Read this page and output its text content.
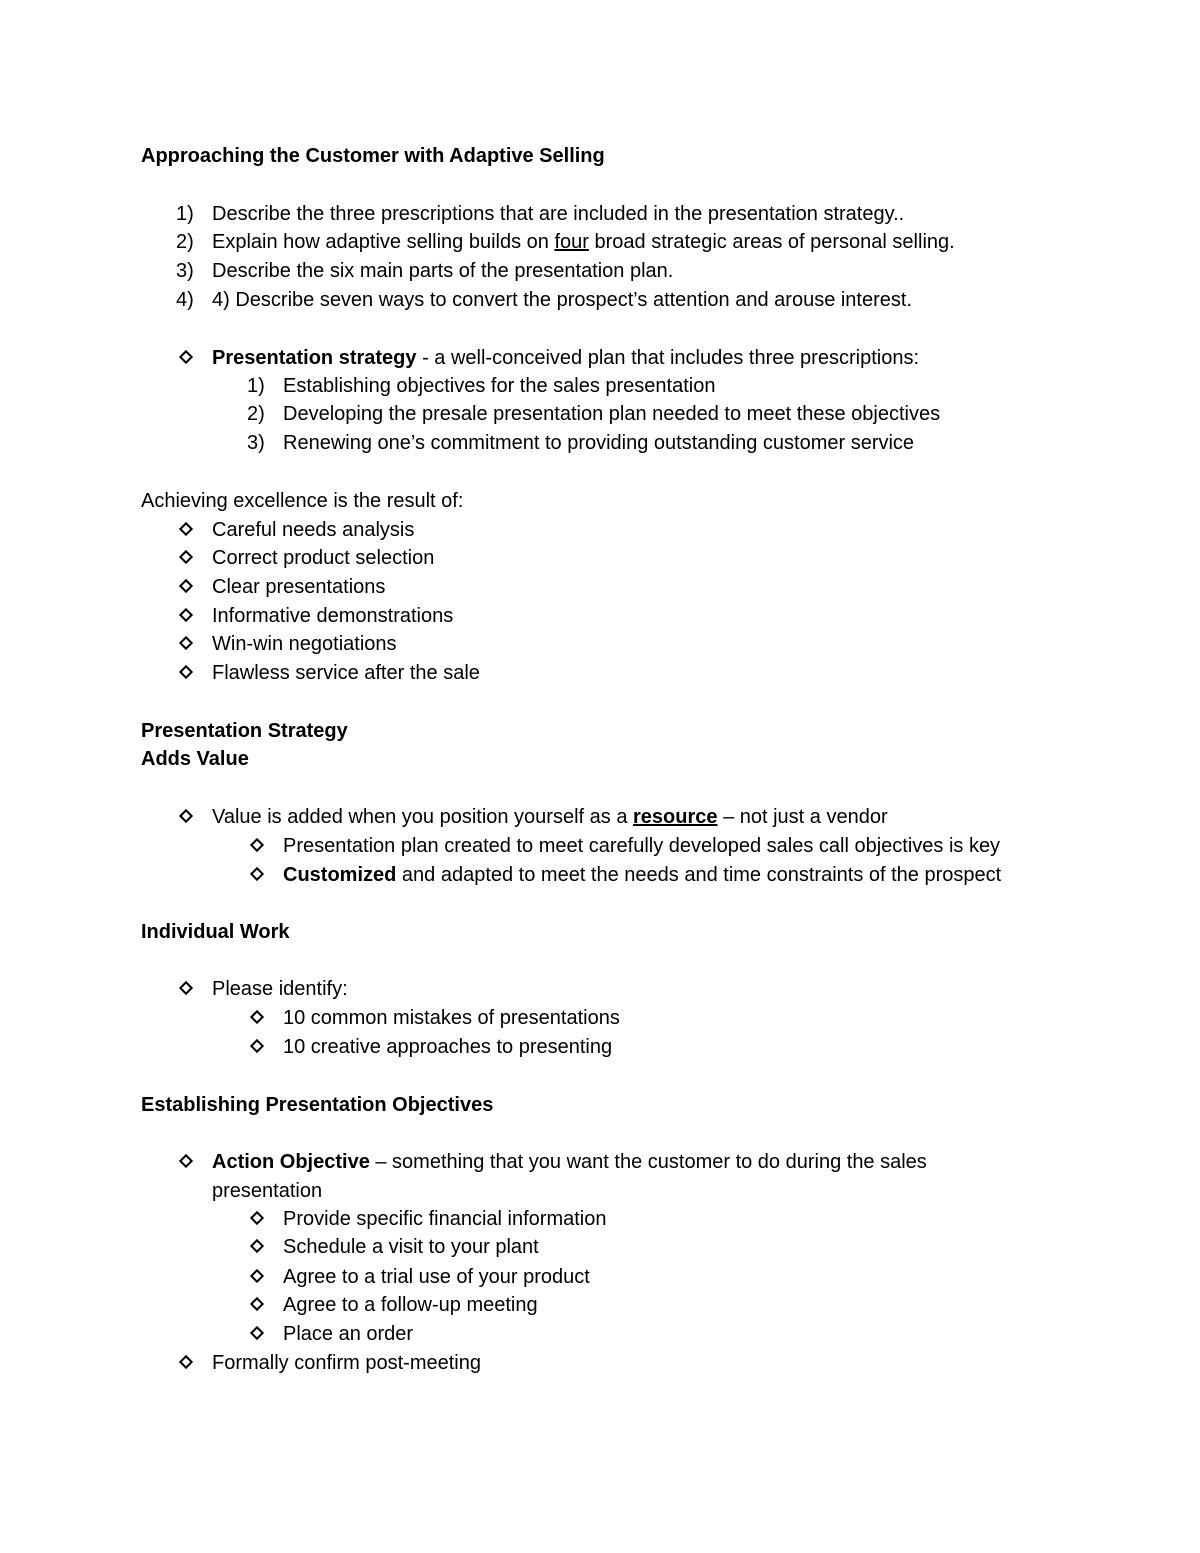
Approaching the Customer with Adaptive Selling
1) Describe the three prescriptions that are included in the presentation strategy..
2) Explain how adaptive selling builds on four broad strategic areas of personal selling.
3) Describe the six main parts of the presentation plan.
4) 4) Describe seven ways to convert the prospect’s attention and arouse interest.
Presentation strategy - a well-conceived plan that includes three prescriptions:
1) Establishing objectives for the sales presentation
2) Developing the presale presentation plan needed to meet these objectives
3) Renewing one’s commitment to providing outstanding customer service
Achieving excellence is the result of:
Careful needs analysis
Correct product selection
Clear presentations
Informative demonstrations
Win-win negotiations
Flawless service after the sale
Presentation Strategy
Adds Value
Value is added when you position yourself as a resource – not just a vendor
Presentation plan created to meet carefully developed sales call objectives is key
Customized and adapted to meet the needs and time constraints of the prospect
Individual Work
Please identify:
10 common mistakes of presentations
10 creative approaches to presenting
Establishing Presentation Objectives
Action Objective – something that you want the customer to do during the sales
presentation
Provide specific financial information
Schedule a visit to your plant
Agree to a trial use of your product
Agree to a follow-up meeting
Place an order
Formally confirm post-meeting
